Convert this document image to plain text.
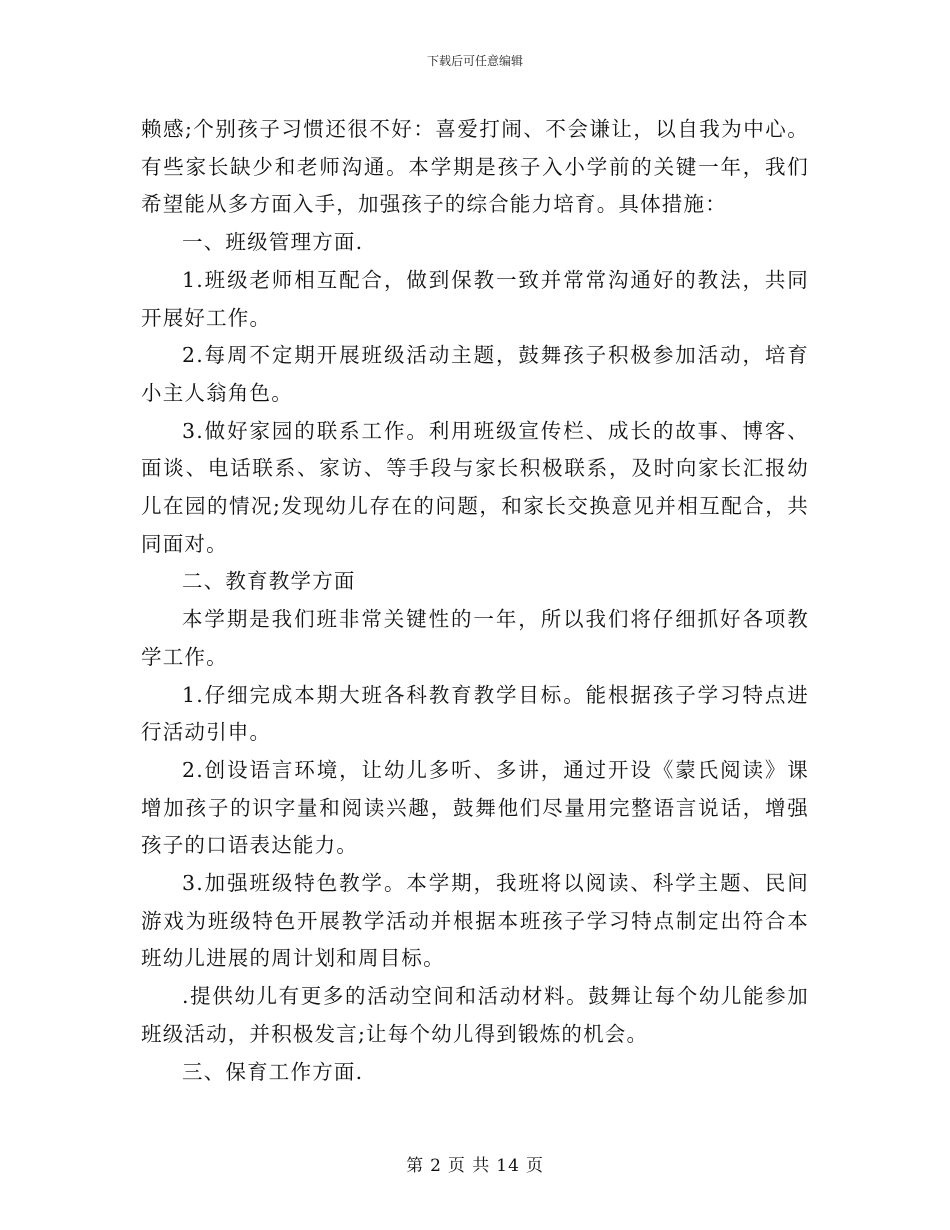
下载后可任意编辑

赖感;个别孩子习惯还很不好：喜爱打闹、不会谦让，以自我为中心。有些家长缺少和老师沟通。本学期是孩子入小学前的关键一年，我们希望能从多方面入手，加强孩子的综合能力培育。具体措施：

一、班级管理方面.

1.班级老师相互配合，做到保教一致并常常沟通好的教法，共同开展好工作。

2.每周不定期开展班级活动主题，鼓舞孩子积极参加活动，培育小主人翁角色。

3.做好家园的联系工作。利用班级宣传栏、成长的故事、博客、面谈、电话联系、家访、等手段与家长积极联系，及时向家长汇报幼儿在园的情况;发现幼儿存在的问题，和家长交换意见并相互配合，共同面对。

二、教育教学方面

本学期是我们班非常关键性的一年，所以我们将仔细抓好各项教学工作。

1.仔细完成本期大班各科教育教学目标。能根据孩子学习特点进行活动引申。

2.创设语言环境，让幼儿多听、多讲，通过开设《蒙氏阅读》课增加孩子的识字量和阅读兴趣，鼓舞他们尽量用完整语言说话，增强孩子的口语表达能力。

3.加强班级特色教学。本学期，我班将以阅读、科学主题、民间游戏为班级特色开展教学活动并根据本班孩子学习特点制定出符合本班幼儿进展的周计划和周目标。

.提供幼儿有更多的活动空间和活动材料。鼓舞让每个幼儿能参加班级活动，并积极发言;让每个幼儿得到锻炼的机会。

三、保育工作方面.

第 2 页 共 14 页
